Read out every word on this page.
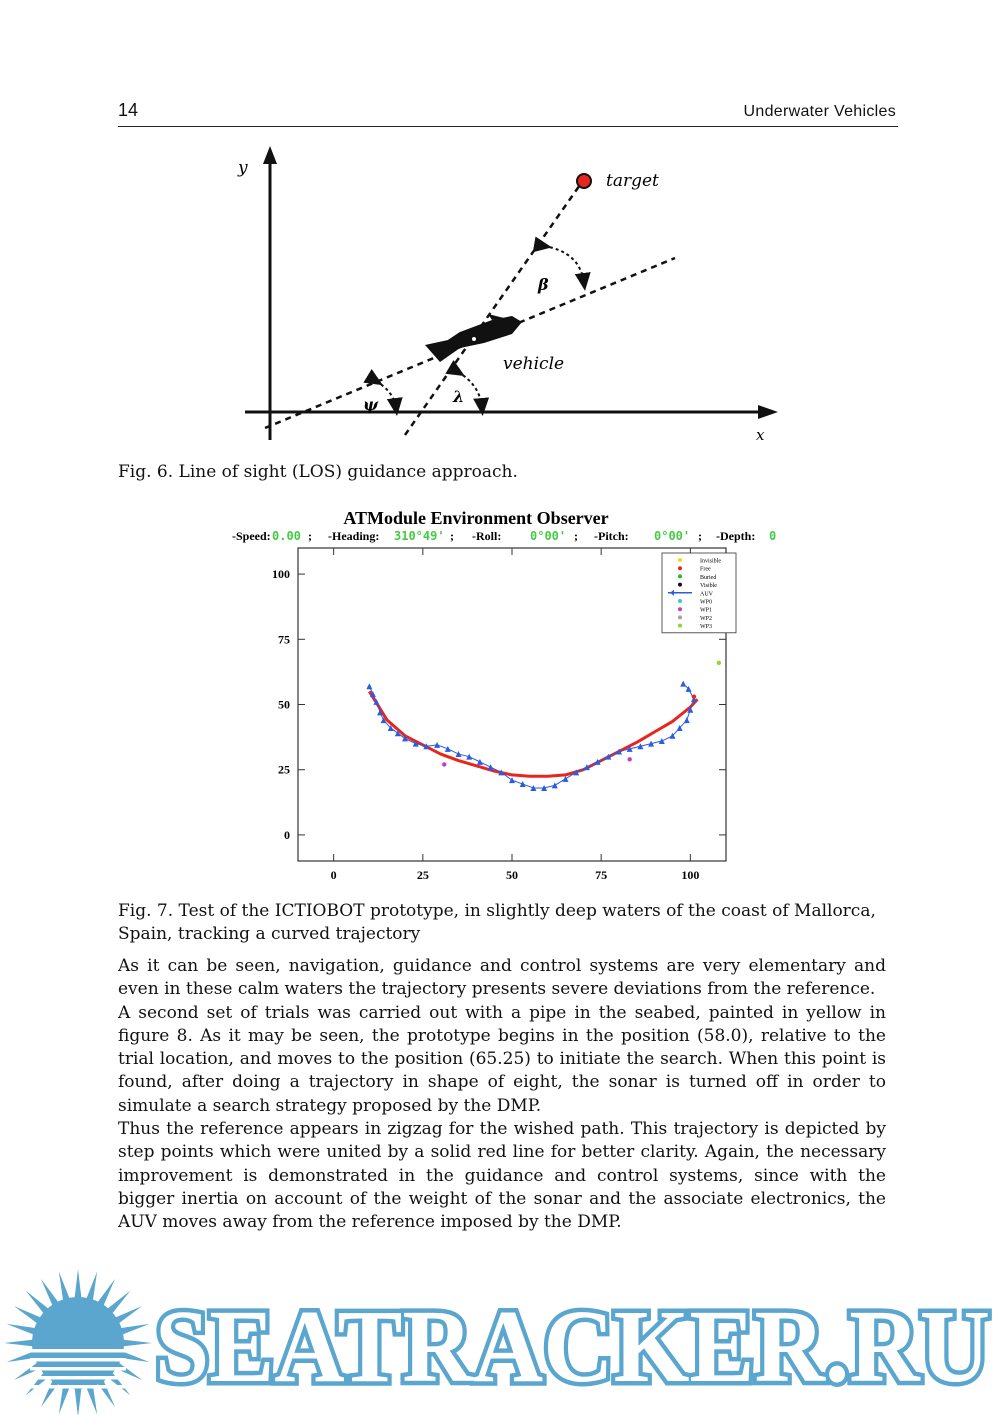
14	Underwater Vehicles
y
x
target
vehicle
β
ψ	λ
Fig. 6. Line of sight (LOS) guidance approach.
ATModule Environment Observer
-Speed: 0.00 ; -Heading: 310°49' ; -Roll: 0°00' ; -Pitch: 0°00' ; -Depth: 0
0	25	50	75	100
0
25
50
75
100
Invisible
Free
Buried
Visible
AUV
WP0
WP1
WP2
WP3
Fig. 7. Test of the ICTIOBOT prototype, in slightly deep waters of the coast of Mallorca,
Spain, tracking a curved trajectory

As it can be seen, navigation, guidance and control systems are very elementary and even in these calm waters the trajectory presents severe deviations from the reference.

A second set of trials was carried out with a pipe in the seabed, painted in yellow in figure 8. As it may be seen, the prototype begins in the position (58.0), relative to the trial location, and moves to the position (65.25) to initiate the search. When this point is found, after doing a trajectory in shape of eight, the sonar is turned off in order to simulate a search strategy proposed by the DMP.

Thus the reference appears in zigzag for the wished path. This trajectory is depicted by step points which were united by a solid red line for better clarity. Again, the necessary improvement is demonstrated in the guidance and control systems, since with the bigger inertia on account of the weight of the sonar and the associate electronics, the AUV moves away from the reference imposed by the DMP.

SEATRACKER.RU
